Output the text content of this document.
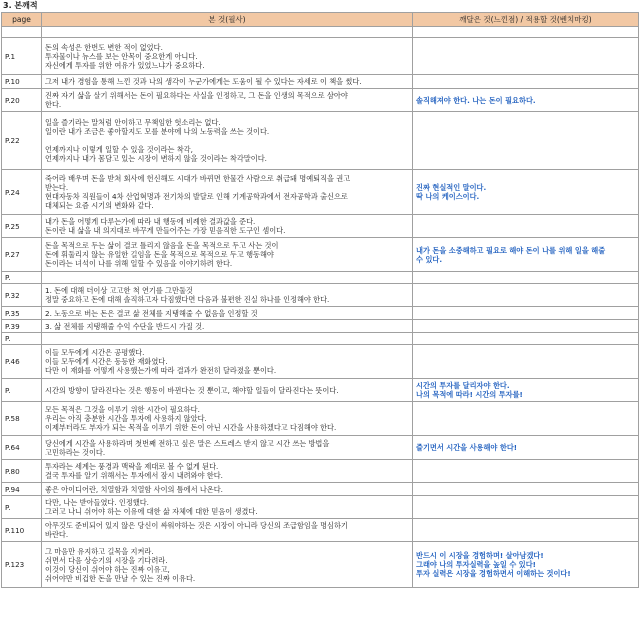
3. 본깨적
page	본 것(필사)	깨달은 것(느낀점) / 적용할 것(벤치마킹)

P.1	돈의 속성은 한번도 변한 적이 없었다.
투자물이나 뉴스를 보는 안목이 중요한게 아니다.
자신에게 투자를 위한 여유가 있었느냐가 중요하다.	
P.10	그저 내가 경험을 통해 느낀 것과 나의 생각이 누군가에게는 도움이 될 수 있다는 자세로 이 책을 썼다.	
P.20	진짜 자기 삶을 살기 위해서는 돈이 필요하다는 사실을 인정하고, 그 돈을 인생의 목적으로 삼아야
한다.	솔직해져야 한다. 나는 돈이 필요하다.
P.22	일을 즐기라는 말처럼 안이하고 무책임한 헛소리는 없다.
일이란 내가 조금은 좋아할지도 모를 분야에 나의 노동력을 쓰는 것이다.

언제까지나 이렇게 일할 수 있을 것이라는 착각,
언제까지나 내가 몸담고 있는 시장이 변하지 않을 것이라는 착각말이다.	
P.24	죽어라 배우며 돈을 받쳐 회사에 헌신해도 시대가 바뀌면 한물간 사람으로 취급돼 명예퇴직을 권고
받는다.
현대자동차 직원들이 4차 산업혁명과 전기차의 발달로 인해 기계공학과에서 전자공학과 출신으로
대체되는 요즘 시기의 변화와 같다.	진짜 현실적인 말이다.
딱 나의 케이스이다.
P.25	내가 돈을 어떻게 다루는가에 따라 내 행동에 비례한 결과값을 준다.
돈이란 내 삶을 내 의지대로 바꾸게 만들어주는 가장 믿음직한 도구인 셈이다.	
P.27	돈을 목적으로 두는 삶이 결코 틀리지 않음을 돈을 목적으로 두고 사는 것이
돈에 휘둘리지 않는 유일한 길임을 돈을 목적으로 목적으로 두고 행동해야
돈이라는 녀석이 나를 위해 일할 수 있음을 이야기하려 한다.	내가 돈을 소중해하고 필요로 해야 돈이 나를 위해 일을 해줄
수 있다.
P.		
P.32	1. 돈에 대해 더이상 고고한 척 연기를 그만둘것
정말 중요하고 돈에 대해 솔직하고자 다짐했다면 다음과 불편한 진실 하나를 인정해야 한다.	
P.35	2. 노동으로 버는 돈은 결코 삶 전체를 지탱해줄 수 없음을 인정할 것	
P.39	3. 삶 전체를 지탱해줄 수익 수단을 반드시 가질 것.	
P.		
P.46	이들 모두에게 시간은 공평했다.
이들 모두에게 시간은 동등한 재화였다.
다만 이 재화를 어떻게 사용했는가에 따라 결과가 완전히 달라졌을 뿐이다.	
P.	시간의 방향이 달라진다는 것은 행동이 바뀐다는 것 뿐이고, 해야할 일들이 달라진다는 뜻이다.	시간의 투자를 달리자야 한다.
나의 목적에 따라! 시간의 투자를!
P.58	모든 목적은 그것을 이루기 위한 시간이 필요하다.
우리는 아직 충분한 시간을 투자에 사용하지 않았다.
이제부터라도 부자가 되는 목적을 이루기 위한 돈이 아닌 시간을 사용하겠다고 다짐해야 한다.	
P.64	당신에게 시간을 사용하라며 첫번째 전하고 싶은 말은 스트레스 받지 않고 시간 쓰는 방법을
고민하라는 것이다.	즐기면서 시간을 사용해야 한다!
P.80	투자라는 세계는 풍경과 맥락을 제대로 볼 수 없게 된다.
결국 투자를 알기 위해서는 투자에서 잠시 내려와야 한다.	
P.94	좋은 아이디어란, 치열함과 치열함 사이의 틈에서 나온다.	
P.	다만, 나는 받아들였다. 인정했다.
그러고 나니 쉬어야 하는 이유에 대한 삶 자체에 대한 믿음이 생겼다.	
P.110	아무것도 준비되어 있지 않은 당신이 싸워야하는 것은 시장이 아니라 당신의 조급함임을 명심하기
바란다.	
P.123	그 마음만 유지하고 길목을 지켜라.
쉬면서 다음 상승기의 시장을 기다려라.
이것이 당신이 쉬어야 하는 진짜 이유고,
쉬어야만 비겁한 돈을 만날 수 있는 진짜 이유다.	반드시 이 시장을 경험하며! 살아남겠다!
그래야 나의 투자실력을 높일 수 있다!
투자 실력은 시장을 경험하면서 이해하는 것이다!
